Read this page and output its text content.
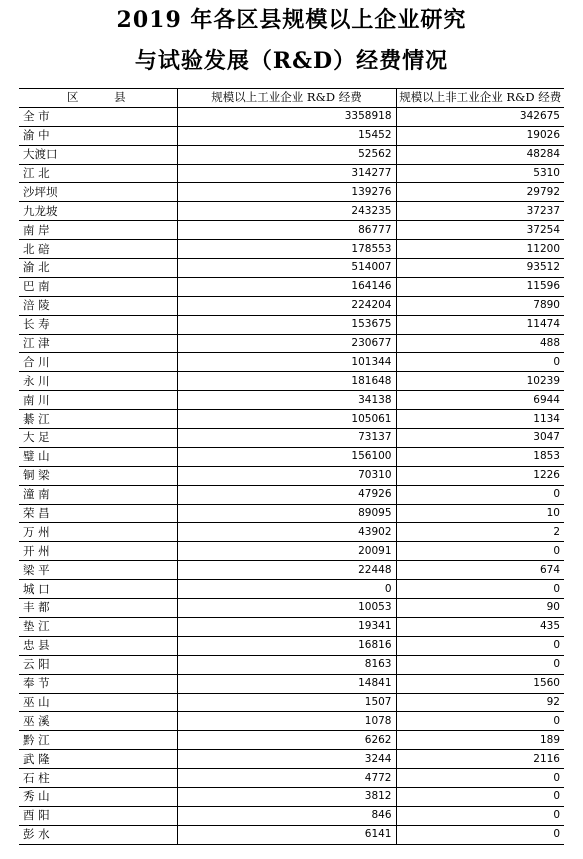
2019 年各区县规模以上企业研究
与试验发展（R&D）经费情况
区 县	规模以上工业企业 R&D 经费	规模以上非工业企业 R&D 经费
全 市	3358918	342675
渝 中	15452	19026
大渡口	52562	48284
江 北	314277	5310
沙坪坝	139276	29792
九龙坡	243235	37237
南 岸	86777	37254
北 碚	178553	11200
渝 北	514007	93512
巴 南	164146	11596
涪 陵	224204	7890
长 寿	153675	11474
江 津	230677	488
合 川	101344	0
永 川	181648	10239
南 川	34138	6944
綦 江	105061	1134
大 足	73137	3047
璧 山	156100	1853
铜 梁	70310	1226
潼 南	47926	0
荣 昌	89095	10
万 州	43902	2
开 州	20091	0
梁 平	22448	674
城 口	0	0
丰 都	10053	90
垫 江	19341	435
忠 县	16816	0
云 阳	8163	0
奉 节	14841	1560
巫 山	1507	92
巫 溪	1078	0
黔 江	6262	189
武 隆	3244	2116
石 柱	4772	0
秀 山	3812	0
酉 阳	846	0
彭 水	6141	0
